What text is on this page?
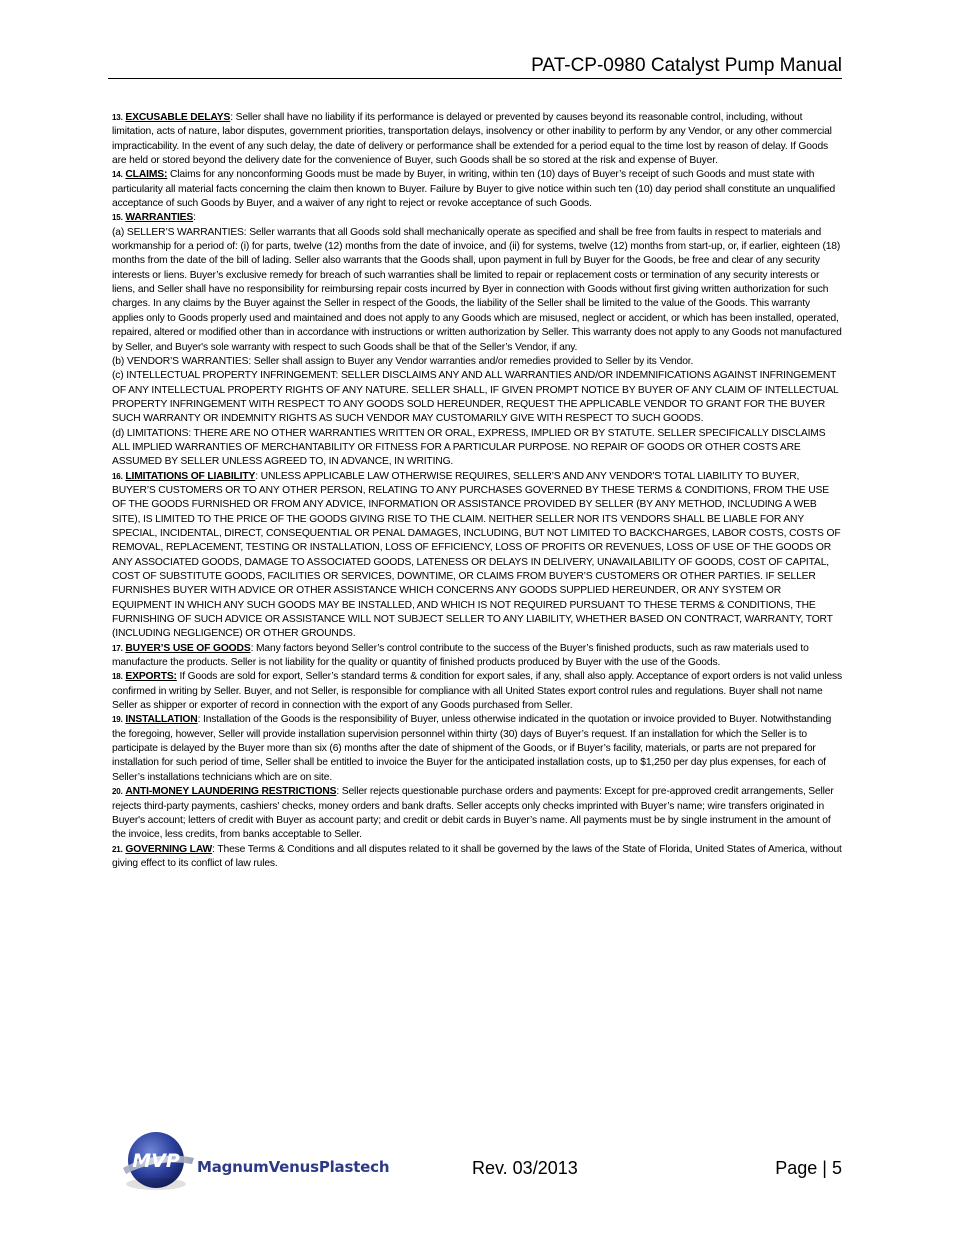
PAT-CP-0980 Catalyst Pump Manual

13. EXCUSABLE DELAYS: Seller shall have no liability if its performance is delayed or prevented by causes beyond its reasonable control, including, without limitation, acts of nature, labor disputes, government priorities, transportation delays, insolvency or other inability to perform by any Vendor, or any other commercial impracticability. In the event of any such delay, the date of delivery or performance shall be extended for a period equal to the time lost by reason of delay. If Goods are held or stored beyond the delivery date for the convenience of Buyer, such Goods shall be so stored at the risk and expense of Buyer.

14. CLAIMS: Claims for any nonconforming Goods must be made by Buyer, in writing, within ten (10) days of Buyer’s receipt of such Goods and must state with particularity all material facts concerning the claim then known to Buyer. Failure by Buyer to give notice within such ten (10) day period shall constitute an unqualified acceptance of such Goods by Buyer, and a waiver of any right to reject or revoke acceptance of such Goods.

15. WARRANTIES:

(a) SELLER’S WARRANTIES: Seller warrants that all Goods sold shall mechanically operate as specified and shall be free from faults in respect to materials and workmanship for a period of: (i) for parts, twelve (12) months from the date of invoice, and (ii) for systems, twelve (12) months from start-up, or, if earlier, eighteen (18) months from the date of the bill of lading. Seller also warrants that the Goods shall, upon payment in full by Buyer for the Goods, be free and clear of any security interests or liens. Buyer’s exclusive remedy for breach of such warranties shall be limited to repair or replacement costs or termination of any security interests or liens, and Seller shall have no responsibility for reimbursing repair costs incurred by Byer in connection with Goods without first giving written authorization for such charges. In any claims by the Buyer against the Seller in respect of the Goods, the liability of the Seller shall be limited to the value of the Goods. This warranty applies only to Goods properly used and maintained and does not apply to any Goods which are misused, neglect or accident, or which has been installed, operated, repaired, altered or modified other than in accordance with instructions or written authorization by Seller. This warranty does not apply to any Goods not manufactured by Seller, and Buyer's sole warranty with respect to such Goods shall be that of the Seller’s Vendor, if any.

(b) VENDOR’S WARRANTIES: Seller shall assign to Buyer any Vendor warranties and/or remedies provided to Seller by its Vendor.

(c) INTELLECTUAL PROPERTY INFRINGEMENT: SELLER DISCLAIMS ANY AND ALL WARRANTIES AND/OR INDEMNIFICATIONS AGAINST INFRINGEMENT OF ANY INTELLECTUAL PROPERTY RIGHTS OF ANY NATURE. SELLER SHALL, IF GIVEN PROMPT NOTICE BY BUYER OF ANY CLAIM OF INTELLECTUAL PROPERTY INFRINGEMENT WITH RESPECT TO ANY GOODS SOLD HEREUNDER, REQUEST THE APPLICABLE VENDOR TO GRANT FOR THE BUYER SUCH WARRANTY OR INDEMNITY RIGHTS AS SUCH VENDOR MAY CUSTOMARILY GIVE WITH RESPECT TO SUCH GOODS.

(d) LIMITATIONS: THERE ARE NO OTHER WARRANTIES WRITTEN OR ORAL, EXPRESS, IMPLIED OR BY STATUTE. SELLER SPECIFICALLY DISCLAIMS ALL IMPLIED WARRANTIES OF MERCHANTABILITY OR FITNESS FOR A PARTICULAR PURPOSE. NO REPAIR OF GOODS OR OTHER COSTS ARE ASSUMED BY SELLER UNLESS AGREED TO, IN ADVANCE, IN WRITING.

16. LIMITATIONS OF LIABILITY: UNLESS APPLICABLE LAW OTHERWISE REQUIRES, SELLER’S AND ANY VENDOR'S TOTAL LIABILITY TO BUYER, BUYER’S CUSTOMERS OR TO ANY OTHER PERSON, RELATING TO ANY PURCHASES GOVERNED BY THESE TERMS & CONDITIONS, FROM THE USE OF THE GOODS FURNISHED OR FROM ANY ADVICE, INFORMATION OR ASSISTANCE PROVIDED BY SELLER (BY ANY METHOD, INCLUDING A WEB SITE), IS LIMITED TO THE PRICE OF THE GOODS GIVING RISE TO THE CLAIM. NEITHER SELLER NOR ITS VENDORS SHALL BE LIABLE FOR ANY SPECIAL, INCIDENTAL, DIRECT, CONSEQUENTIAL OR PENAL DAMAGES, INCLUDING, BUT NOT LIMITED TO BACKCHARGES, LABOR COSTS, COSTS OF REMOVAL, REPLACEMENT, TESTING OR INSTALLATION, LOSS OF EFFICIENCY, LOSS OF PROFITS OR REVENUES, LOSS OF USE OF THE GOODS OR ANY ASSOCIATED GOODS, DAMAGE TO ASSOCIATED GOODS, LATENESS OR DELAYS IN DELIVERY, UNAVAILABILITY OF GOODS, COST OF CAPITAL, COST OF SUBSTITUTE GOODS, FACILITIES OR SERVICES, DOWNTIME, OR CLAIMS FROM BUYER’S CUSTOMERS OR OTHER PARTIES. IF SELLER FURNISHES BUYER WITH ADVICE OR OTHER ASSISTANCE WHICH CONCERNS ANY GOODS SUPPLIED HEREUNDER, OR ANY SYSTEM OR EQUIPMENT IN WHICH ANY SUCH GOODS MAY BE INSTALLED, AND WHICH IS NOT REQUIRED PURSUANT TO THESE TERMS & CONDITIONS, THE FURNISHING OF SUCH ADVICE OR ASSISTANCE WILL NOT SUBJECT SELLER TO ANY LIABILITY, WHETHER BASED ON CONTRACT, WARRANTY, TORT (INCLUDING NEGLIGENCE) OR OTHER GROUNDS.

17. BUYER’S USE OF GOODS: Many factors beyond Seller’s control contribute to the success of the Buyer’s finished products, such as raw materials used to manufacture the products. Seller is not liability for the quality or quantity of finished products produced by Buyer with the use of the Goods.

18. EXPORTS: If Goods are sold for export, Seller’s standard terms & condition for export sales, if any, shall also apply. Acceptance of export orders is not valid unless confirmed in writing by Seller. Buyer, and not Seller, is responsible for compliance with all United States export control rules and regulations. Buyer shall not name Seller as shipper or exporter of record in connection with the export of any Goods purchased from Seller.

19. INSTALLATION: Installation of the Goods is the responsibility of Buyer, unless otherwise indicated in the quotation or invoice provided to Buyer. Notwithstanding the foregoing, however, Seller will provide installation supervision personnel within thirty (30) days of Buyer’s request. If an installation for which the Seller is to participate is delayed by the Buyer more than six (6) months after the date of shipment of the Goods, or if Buyer’s facility, materials, or parts are not prepared for installation for such period of time, Seller shall be entitled to invoice the Buyer for the anticipated installation costs, up to $1,250 per day plus expenses, for each of Seller’s installations technicians which are on site.

20. ANTI-MONEY LAUNDERING RESTRICTIONS: Seller rejects questionable purchase orders and payments: Except for pre-approved credit arrangements, Seller rejects third-party payments, cashiers' checks, money orders and bank drafts. Seller accepts only checks imprinted with Buyer’s name; wire transfers originated in Buyer's account; letters of credit with Buyer as account party; and credit or debit cards in Buyer’s name. All payments must be by single instrument in the amount of the invoice, less credits, from banks acceptable to Seller.

21. GOVERNING LAW: These Terms & Conditions and all disputes related to it shall be governed by the laws of the State of Florida, United States of America, without giving effect to its conflict of law rules.

MVP MagnumVenusPlastech	Rev. 03/2013	Page | 5
